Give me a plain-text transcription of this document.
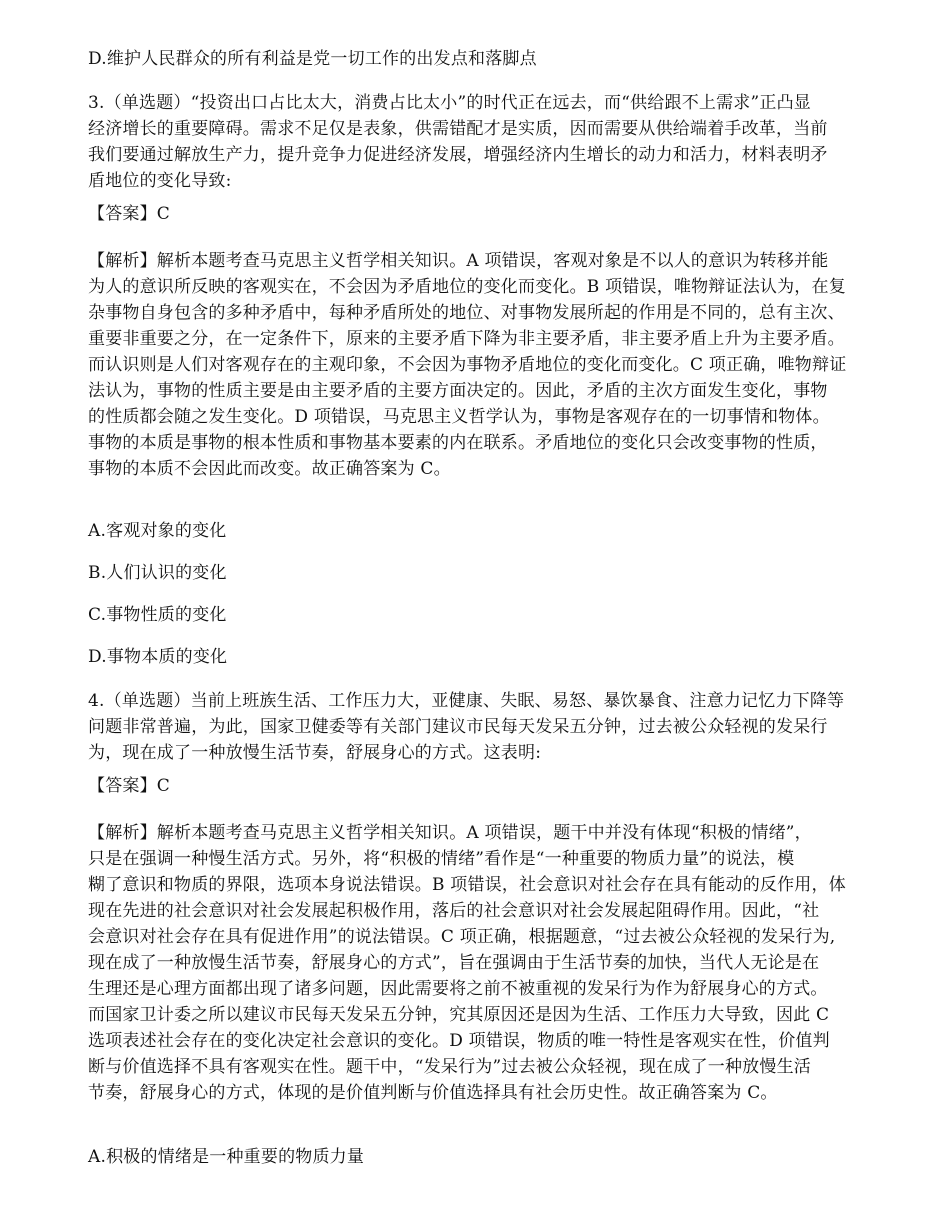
D.维护人民群众的所有利益是党一切工作的出发点和落脚点
3.（单选题）“投资出口占比太大，消费占比太小”的时代正在远去，而“供给跟不上需求”正凸显
经济增长的重要障碍。需求不足仅是表象，供需错配才是实质，因而需要从供给端着手改革，当前
我们要通过解放生产力，提升竞争力促进经济发展，增强经济内生增长的动力和活力，材料表明矛
盾地位的变化导致:
【答案】C
【解析】解析本题考查马克思主义哲学相关知识。A 项错误，客观对象是不以人的意识为转移并能
为人的意识所反映的客观实在，不会因为矛盾地位的变化而变化。B 项错误，唯物辩证法认为，在复
杂事物自身包含的多种矛盾中，每种矛盾所处的地位、对事物发展所起的作用是不同的，总有主次、
重要非重要之分，在一定条件下，原来的主要矛盾下降为非主要矛盾，非主要矛盾上升为主要矛盾。
而认识则是人们对客观存在的主观印象，不会因为事物矛盾地位的变化而变化。C 项正确，唯物辩证
法认为，事物的性质主要是由主要矛盾的主要方面决定的。因此，矛盾的主次方面发生变化，事物
的性质都会随之发生变化。D 项错误，马克思主义哲学认为，事物是客观存在的一切事情和物体。
事物的本质是事物的根本性质和事物基本要素的内在联系。矛盾地位的变化只会改变事物的性质，
事物的本质不会因此而改变。故正确答案为 C。
A.客观对象的变化
B.人们认识的变化
C.事物性质的变化
D.事物本质的变化
4.（单选题）当前上班族生活、工作压力大，亚健康、失眠、易怒、暴饮暴食、注意力记忆力下降等
问题非常普遍，为此，国家卫健委等有关部门建议市民每天发呆五分钟，过去被公众轻视的发呆行
为，现在成了一种放慢生活节奏，舒展身心的方式。这表明:
【答案】C
【解析】解析本题考查马克思主义哲学相关知识。A 项错误，题干中并没有体现“积极的情绪”，
只是在强调一种慢生活方式。另外，将“积极的情绪”看作是“一种重要的物质力量”的说法，模
糊了意识和物质的界限，选项本身说法错误。B 项错误，社会意识对社会存在具有能动的反作用，体
现在先进的社会意识对社会发展起积极作用，落后的社会意识对社会发展起阻碍作用。因此，“社
会意识对社会存在具有促进作用”的说法错误。C 项正确，根据题意，“过去被公众轻视的发呆行为,
现在成了一种放慢生活节奏，舒展身心的方式”，旨在强调由于生活节奏的加快，当代人无论是在
生理还是心理方面都出现了诸多问题，因此需要将之前不被重视的发呆行为作为舒展身心的方式。
而国家卫计委之所以建议市民每天发呆五分钟，究其原因还是因为生活、工作压力大导致，因此 C
选项表述社会存在的变化决定社会意识的变化。D 项错误，物质的唯一特性是客观实在性，价值判
断与价值选择不具有客观实在性。题干中，“发呆行为”过去被公众轻视，现在成了一种放慢生活
节奏，舒展身心的方式，体现的是价值判断与价值选择具有社会历史性。故正确答案为 C。
A.积极的情绪是一种重要的物质力量
